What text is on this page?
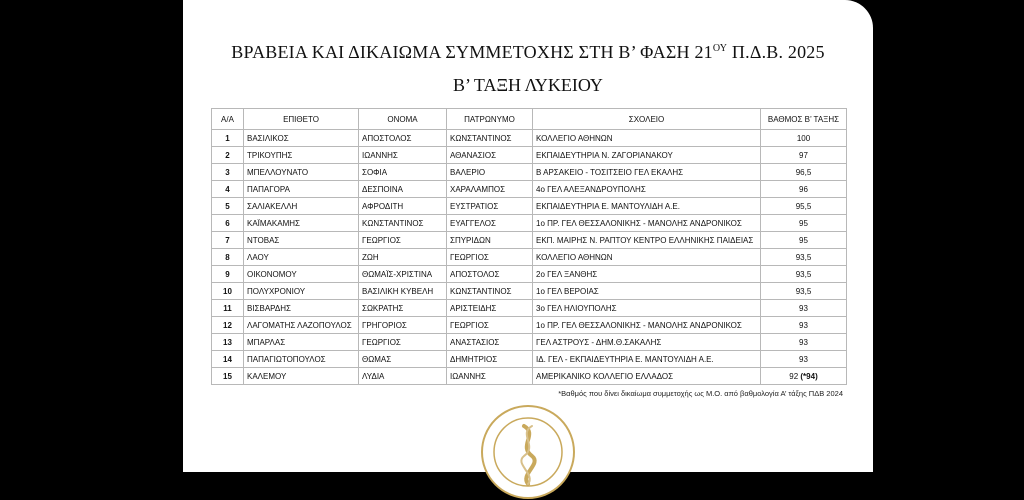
ΒΡΑΒΕΙΑ ΚΑΙ ΔΙΚΑΙΩΜΑ ΣΥΜΜΕΤΟΧΗΣ ΣΤΗ Β’ ΦΑΣΗ $21^{O\Upsilon}$ Π.Δ.Β. 2025
Β’ ΤΑΞΗ ΛΥΚΕΙΟΥ
Α/Α	ΕΠΙΘΕΤΟ	ΟΝΟΜΑ	ΠΑΤΡΩΝΥΜΟ	ΣΧΟΛΕΙΟ	ΒΑΘΜΟΣ Β’ ΤΑΞΗΣ
1	ΒΑΣΙΛΙΚΟΣ	ΑΠΟΣΤΟΛΟΣ	ΚΩΝΣΤΑΝΤΙΝΟΣ	ΚΟΛΛΕΓΙΟ ΑΘΗΝΩΝ	100
2	ΤΡΙΚΟΥΠΗΣ	ΙΩΑΝΝΗΣ	ΑΘΑΝΑΣΙΟΣ	ΕΚΠΑΙΔΕΥΤΗΡΙΑ Ν. ΖΑΓΟΡΙΑΝΑΚΟΥ	97
3	ΜΠΕΛΛΟΥΝΑΤΟ	ΣΟΦΙΑ	ΒΑΛΕΡΙΟ	Β ΑΡΣΑΚΕΙΟ - ΤΟΣΙΤΣΕΙΟ ΓΕΛ ΕΚΑΛΗΣ	96,5
4	ΠΑΠΑΓΟΡΑ	ΔΕΣΠΟΙΝΑ	ΧΑΡΑΛΑΜΠΟΣ	4ο ΓΕΛ ΑΛΕΞΑΝΔΡΟΥΠΟΛΗΣ	96
5	ΣΑΛΙΑΚΕΛΛΗ	ΑΦΡΟΔΙΤΗ	ΕΥΣΤΡΑΤΙΟΣ	ΕΚΠΑΙΔΕΥΤΗΡΙΑ Ε. ΜΑΝΤΟΥΛΙΔΗ Α.Ε.	95,5
6	ΚΑΪΜΑΚΑΜΗΣ	ΚΩΝΣΤΑΝΤΙΝΟΣ	ΕΥΑΓΓΕΛΟΣ	1ο ΠΡ. ΓΕΛ ΘΕΣΣΑΛΟΝΙΚΗΣ - ΜΑΝΟΛΗΣ ΑΝΔΡΟΝΙΚΟΣ	95
7	ΝΤΟΒΑΣ	ΓΕΩΡΓΙΟΣ	ΣΠΥΡΙΔΩΝ	ΕΚΠ. ΜΑΙΡΗΣ Ν. ΡΑΠΤΟΥ ΚΕΝΤΡΟ ΕΛΛΗΝΙΚΗΣ ΠΑΙΔΕΙΑΣ	95
8	ΛΑΟΥ	ΖΩΗ	ΓΕΩΡΓΙΟΣ	ΚΟΛΛΕΓΙΟ ΑΘΗΝΩΝ	93,5
9	ΟΙΚΟΝΟΜΟΥ	ΘΩΜΑΪΣ-ΧΡΙΣΤΙΝΑ	ΑΠΟΣΤΟΛΟΣ	2ο ΓΕΛ ΞΑΝΘΗΣ	93,5
10	ΠΟΛΥΧΡΟΝΙΟΥ	ΒΑΣΙΛΙΚΗ ΚΥΒΕΛΗ	ΚΩΝΣΤΑΝΤΙΝΟΣ	1ο ΓΕΛ ΒΕΡΟΙΑΣ	93,5
11	ΒΙΣΒΑΡΔΗΣ	ΣΩΚΡΑΤΗΣ	ΑΡΙΣΤΕΙΔΗΣ	3ο ΓΕΛ ΗΛΙΟΥΠΟΛΗΣ	93
12	ΛΑΓΟΜΑΤΗΣ ΛΑΖΟΠΟΥΛΟΣ	ΓΡΗΓΟΡΙΟΣ	ΓΕΩΡΓΙΟΣ	1ο ΠΡ. ΓΕΛ ΘΕΣΣΑΛΟΝΙΚΗΣ - ΜΑΝΟΛΗΣ ΑΝΔΡΟΝΙΚΟΣ	93
13	ΜΠΑΡΛΑΣ	ΓΕΩΡΓΙΟΣ	ΑΝΑΣΤΑΣΙΟΣ	ΓΕΛ ΑΣΤΡΟΥΣ - ΔΗΜ.Θ.ΣΑΚΑΛΗΣ	93
14	ΠΑΠΑΓΙΩΤΟΠΟΥΛΟΣ	ΘΩΜΑΣ	ΔΗΜΗΤΡΙΟΣ	ΙΔ. ΓΕΛ - ΕΚΠΑΙΔΕΥΤΗΡΙΑ Ε. ΜΑΝΤΟΥΛΙΔΗ Α.Ε.	93
15	ΚΑΛΕΜΟΥ	ΛΥΔΙΑ	ΙΩΑΝΝΗΣ	ΑΜΕΡΙΚΑΝΙΚΟ ΚΟΛΛΕΓΙΟ ΕΛΛΑΔΟΣ	92 (*94)
*Βαθμός που δίνει δικαίωμα συμμετοχής ως Μ.Ο. από βαθμολογία Α’ τάξης ΠΔΒ 2024
